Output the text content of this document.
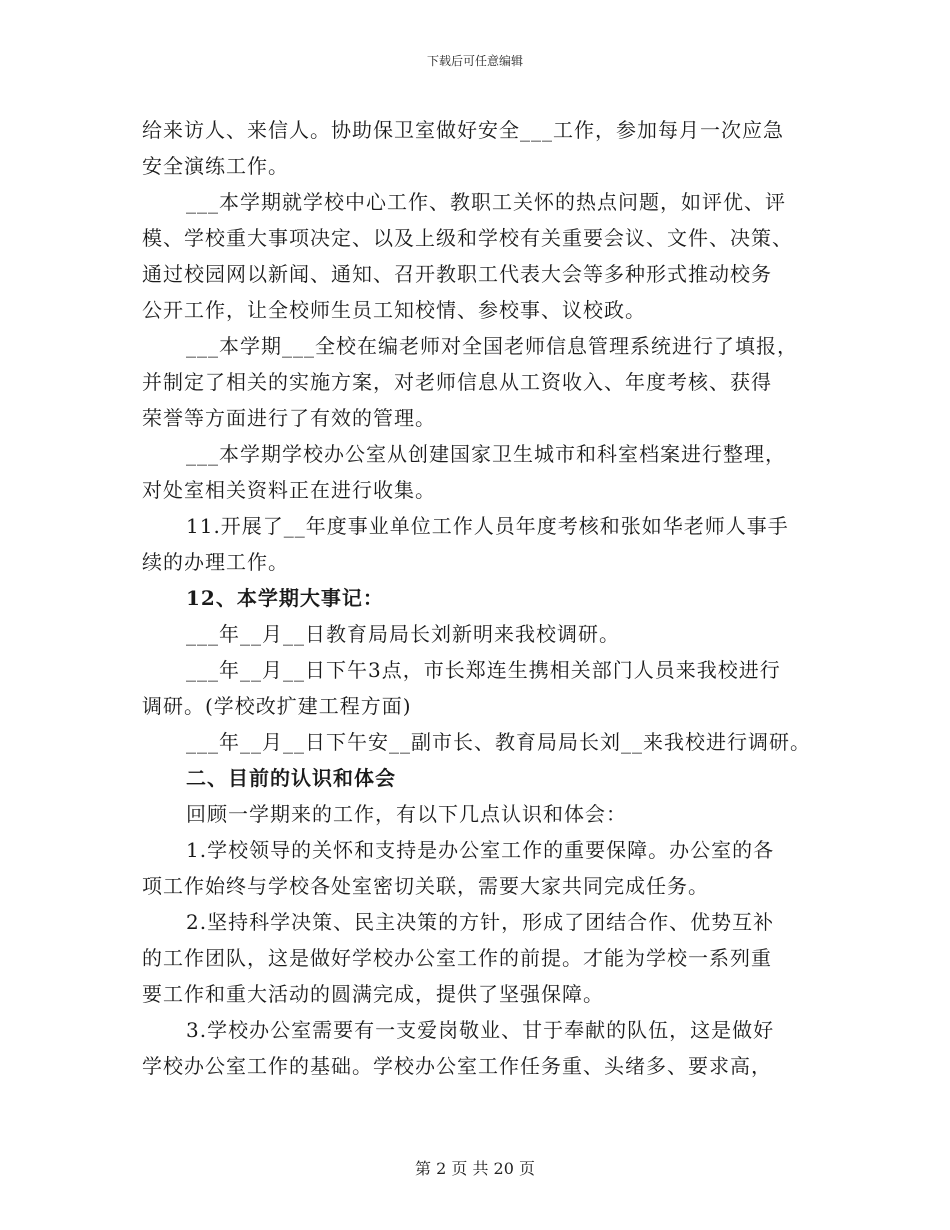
下载后可任意编辑
给来访人、来信人。协助保卫室做好安全___工作，参加每月一次应急
安全演练工作。
___本学期就学校中心工作、教职工关怀的热点问题，如评优、评
模、学校重大事项决定、以及上级和学校有关重要会议、文件、决策、
通过校园网以新闻、通知、召开教职工代表大会等多种形式推动校务
公开工作，让全校师生员工知校情、参校事、议校政。
___本学期___全校在编老师对全国老师信息管理系统进行了填报，
并制定了相关的实施方案，对老师信息从工资收入、年度考核、获得
荣誉等方面进行了有效的管理。
___本学期学校办公室从创建国家卫生城市和科室档案进行整理，
对处室相关资料正在进行收集。
11.开展了__年度事业单位工作人员年度考核和张如华老师人事手
续的办理工作。
12、本学期大事记：
___年__月__日教育局局长刘新明来我校调研。
___年__月__日下午3点，市长郑连生携相关部门人员来我校进行
调研。(学校改扩建工程方面)
___年__月__日下午安__副市长、教育局局长刘__来我校进行调研。
二、目前的认识和体会
回顾一学期来的工作，有以下几点认识和体会：
1.学校领导的关怀和支持是办公室工作的重要保障。办公室的各
项工作始终与学校各处室密切关联，需要大家共同完成任务。
2.坚持科学决策、民主决策的方针，形成了团结合作、优势互补
的工作团队，这是做好学校办公室工作的前提。才能为学校一系列重
要工作和重大活动的圆满完成，提供了坚强保障。
3.学校办公室需要有一支爱岗敬业、甘于奉献的队伍，这是做好
学校办公室工作的基础。学校办公室工作任务重、头绪多、要求高，
第 2 页 共 20 页
